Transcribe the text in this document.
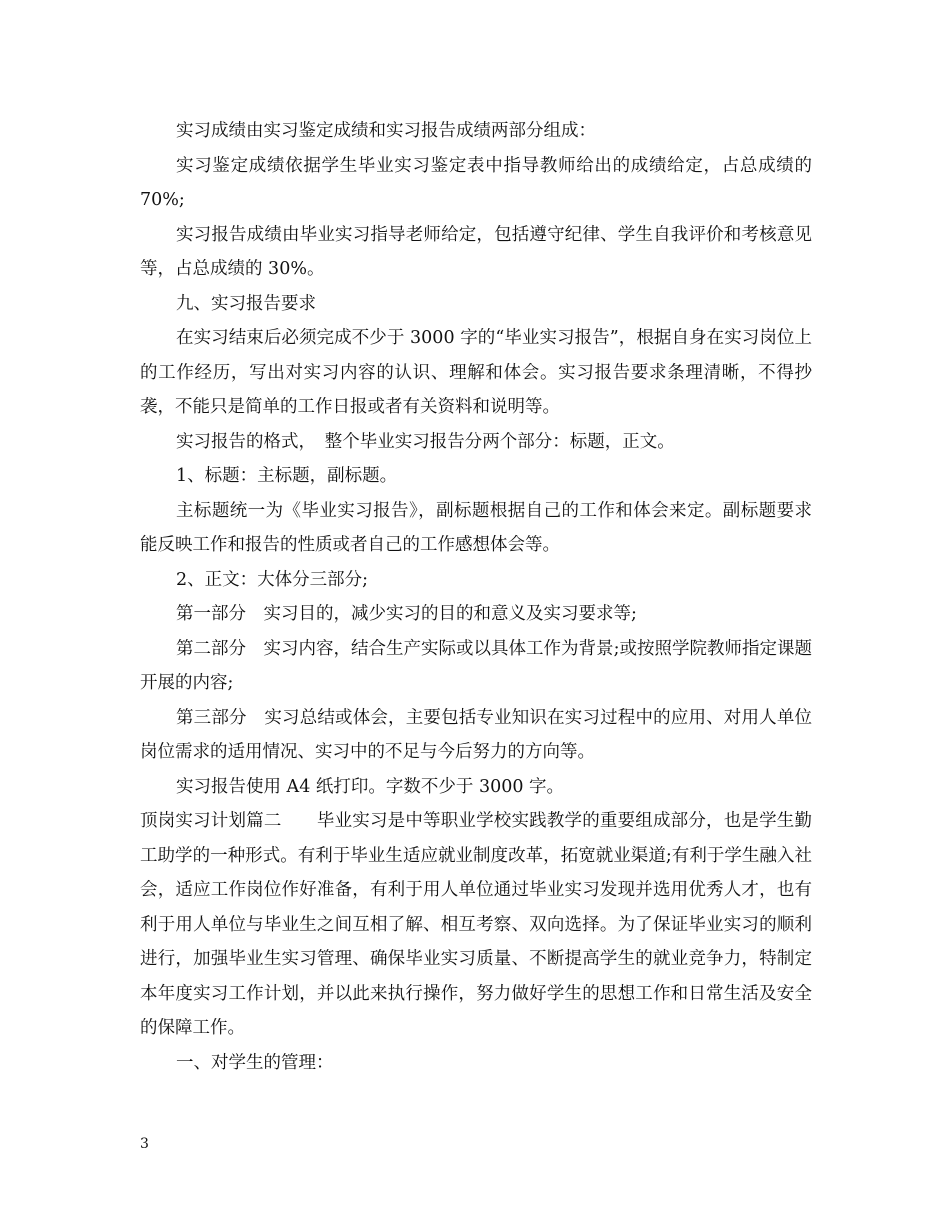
实习成绩由实习鉴定成绩和实习报告成绩两部分组成：

实习鉴定成绩依据学生毕业实习鉴定表中指导教师给出的成绩给定，占总成绩的 70%;

实习报告成绩由毕业实习指导老师给定，包括遵守纪律、学生自我评价和考核意见等，占总成绩的 30%。

九、实习报告要求

在实习结束后必须完成不少于 3000 字的“毕业实习报告”，根据自身在实习岗位上的工作经历，写出对实习内容的认识、理解和体会。实习报告要求条理清晰，不得抄袭，不能只是简单的工作日报或者有关资料和说明等。

实习报告的格式，　整个毕业实习报告分两个部分：标题，正文。

1、标题：主标题，副标题。

主标题统一为《毕业实习报告》，副标题根据自己的工作和体会来定。副标题要求能反映工作和报告的性质或者自己的工作感想体会等。

2、正文：大体分三部分;

第一部分　实习目的，减少实习的目的和意义及实习要求等;

第二部分　实习内容，结合生产实际或以具体工作为背景;或按照学院教师指定课题开展的内容;

第三部分　实习总结或体会，主要包括专业知识在实习过程中的应用、对用人单位岗位需求的适用情况、实习中的不足与今后努力的方向等。

实习报告使用 A4 纸打印。字数不少于 3000 字。

顶岗实习计划篇二　　毕业实习是中等职业学校实践教学的重要组成部分，也是学生勤工助学的一种形式。有利于毕业生适应就业制度改革，拓宽就业渠道;有利于学生融入社会，适应工作岗位作好准备，有利于用人单位通过毕业实习发现并选用优秀人才，也有利于用人单位与毕业生之间互相了解、相互考察、双向选择。为了保证毕业实习的顺利进行，加强毕业生实习管理、确保毕业实习质量、不断提高学生的就业竞争力，特制定本年度实习工作计划，并以此来执行操作，努力做好学生的思想工作和日常生活及安全的保障工作。

一、对学生的管理：

3
